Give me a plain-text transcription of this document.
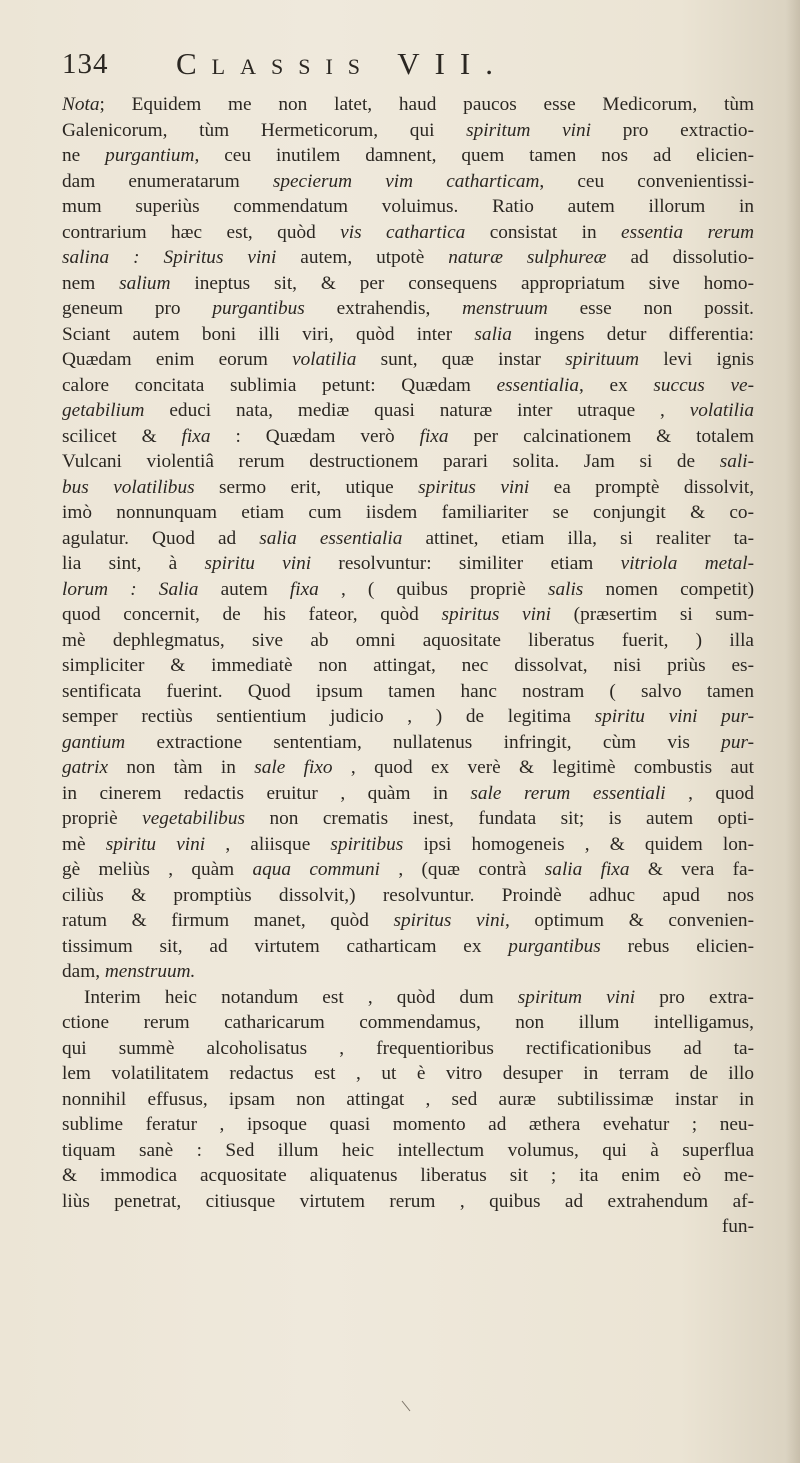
134 Classis VII.
Nota; Equidem me non latet, haud paucos esse Medicorum, tùm
Galenicorum, tùm Hermeticorum, qui spiritum vini pro extractio-
ne purgantium, ceu inutilem damnent, quem tamen nos ad elicien-
dam enumeratarum specierum vim catharticam, ceu convenientissi-
mum superiùs commendatum voluimus. Ratio autem illorum in
contrarium hæc est, quòd vis cathartica consistat in essentia rerum
salina : Spiritus vini autem, utpotè naturæ sulphureæ ad dissolutio-
nem salium ineptus sit, & per consequens appropriatum sive homo-
geneum pro purgantibus extrahendis, menstruum esse non possit.
Sciant autem boni illi viri, quòd inter salia ingens detur differentia:
Quædam enim eorum volatilia sunt, quæ instar spirituum levi ignis
calore concitata sublimia petunt: Quædam essentialia, ex succus ve-
getabilium educi nata, mediæ quasi naturæ inter utraque , volatilia
scilicet & fixa : Quædam verò fixa per calcinationem & totalem
Vulcani violentiâ rerum destructionem parari solita. Jam si de sali-
bus volatilibus sermo erit, utique spiritus vini ea promptè dissolvit,
imò nonnunquam etiam cum iisdem familiariter se conjungit & co-
agulatur. Quod ad salia essentialia attinet, etiam illa, si realiter ta-
lia sint, à spiritu vini resolvuntur: similiter etiam vitriola metal-
lorum : Salia autem fixa , ( quibus propriè salis nomen competit)
quod concernit, de his fateor, quòd spiritus vini (præsertim si sum-
mè dephlegmatus, sive ab omni aquositate liberatus fuerit, ) illa
simpliciter & immediatè non attingat, nec dissolvat, nisi priùs es-
sentificata fuerint. Quod ipsum tamen hanc nostram ( salvo tamen
semper rectiùs sentientium judicio , ) de legitima spiritu vini pur-
gantium extractione sententiam, nullatenus infringit, cùm vis pur-
gatrix non tàm in sale fixo , quod ex verè & legitimè combustis aut
in cinerem redactis eruitur , quàm in sale rerum essentiali , quod
propriè vegetabilibus non crematis inest, fundata sit; is autem opti-
mè spiritu vini , aliisque spiritibus ipsi homogeneis , & quidem lon-
gè meliùs , quàm aqua communi , (quæ contrà salia fixa & vera fa-
ciliùs & promptiùs dissolvit,) resolvuntur. Proindè adhuc apud nos
ratum & firmum manet, quòd spiritus vini, optimum & convenien-
tissimum sit, ad virtutem catharticam ex purgantibus rebus elicien-
dam, menstruum.
Interim heic notandum est , quòd dum spiritum vini pro extra-
ctione rerum catharicarum commendamus, non illum intelligamus,
qui summè alcoholisatus , frequentioribus rectificationibus ad ta-
lem volatilitatem redactus est , ut è vitro desuper in terram de illo
nonnihil effusus, ipsam non attingat , sed auræ subtilissimæ instar in
sublime feratur , ipsoque quasi momento ad æthera evehatur ; neu-
tiquam sanè : Sed illum heic intellectum volumus, qui à superflua
& immodica acquositate aliquatenus liberatus sit ; ita enim eò me-
liùs penetrat, citiusque virtutem rerum , quibus ad extrahendum af-
fun-
